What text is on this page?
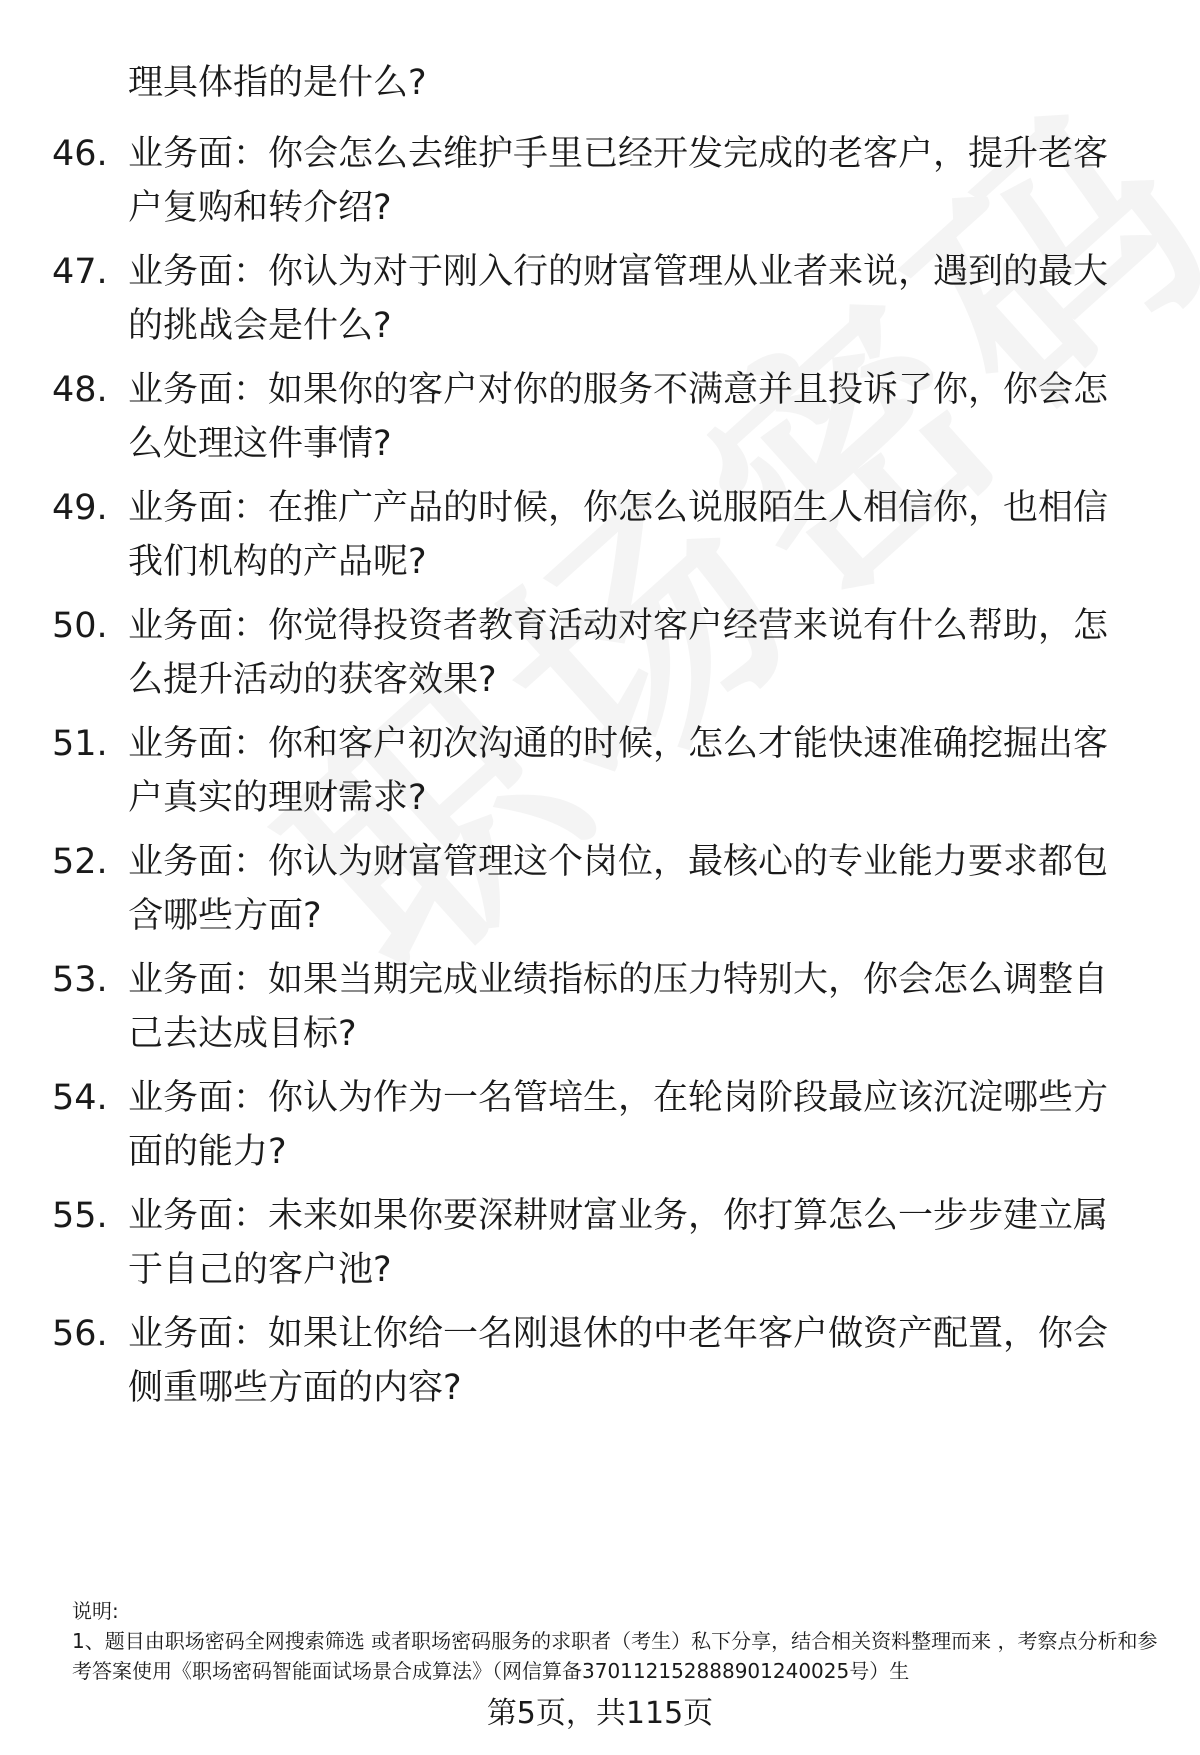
理具体指的是什么?
46. 业务面：你会怎么去维护手里已经开发完成的老客户，提升老客户复购和转介绍?
47. 业务面：你认为对于刚入行的财富管理从业者来说，遇到的最大的挑战会是什么?
48. 业务面：如果你的客户对你的服务不满意并且投诉了你，你会怎么处理这件事情?
49. 业务面：在推广产品的时候，你怎么说服陌生人相信你，也相信我们机构的产品呢?
50. 业务面：你觉得投资者教育活动对客户经营来说有什么帮助，怎么提升活动的获客效果?
51. 业务面：你和客户初次沟通的时候，怎么才能快速准确挖掘出客户真实的理财需求?
52. 业务面：你认为财富管理这个岗位，最核心的专业能力要求都包含哪些方面?
53. 业务面：如果当期完成业绩指标的压力特别大，你会怎么调整自己去达成目标?
54. 业务面：你认为作为一名管培生，在轮岗阶段最应该沉淀哪些方面的能力?
55. 业务面：未来如果你要深耕财富业务，你打算怎么一步步建立属于自己的客户池?
56. 业务面：如果让你给一名刚退休的中老年客户做资产配置，你会侧重哪些方面的内容?

说明:

1、题目由职场密码全网搜索筛选 或者职场密码服务的求职者（考生）私下分享，结合相关资料整理而来 ，考察点分析和参考答案使用《职场密码智能面试场景合成算法》（网信算备370112152888901240025号）生

第5页，共115页
